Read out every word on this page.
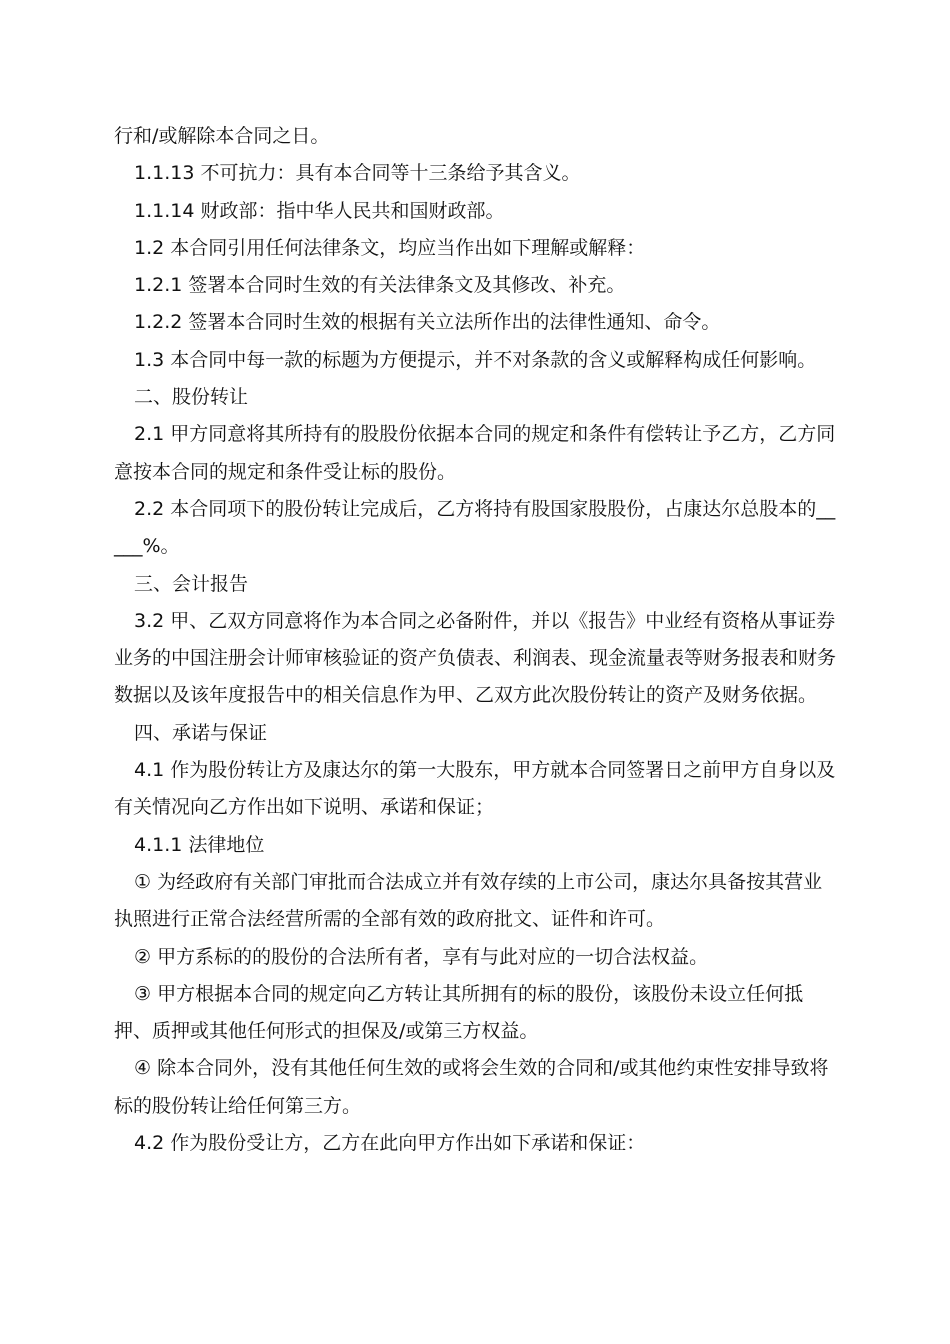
行和/或解除本合同之日。

1.1.13 不可抗力：具有本合同等十三条给予其含义。

1.1.14 财政部：指中华人民共和国财政部。

1.2 本合同引用任何法律条文，均应当作出如下理解或解释：

1.2.1 签署本合同时生效的有关法律条文及其修改、补充。

1.2.2 签署本合同时生效的根据有关立法所作出的法律性通知、命令。

1.3 本合同中每一款的标题为方便提示，并不对条款的含义或解释构成任何影响。

二、股份转让

2.1 甲方同意将其所持有的股股份依据本合同的规定和条件有偿转让予乙方，乙方同意按本合同的规定和条件受让标的股份。

2.2 本合同项下的股份转让完成后，乙方将持有股国家股股份，占康达尔总股本的_____%。

三、会计报告

3.2 甲、乙双方同意将作为本合同之必备附件，并以《报告》中业经有资格从事证券业务的中国注册会计师审核验证的资产负债表、利润表、现金流量表等财务报表和财务数据以及该年度报告中的相关信息作为甲、乙双方此次股份转让的资产及财务依据。

四、承诺与保证

4.1 作为股份转让方及康达尔的第一大股东，甲方就本合同签署日之前甲方自身以及有关情况向乙方作出如下说明、承诺和保证；

4.1.1 法律地位

① 为经政府有关部门审批而合法成立并有效存续的上市公司，康达尔具备按其营业执照进行正常合法经营所需的全部有效的政府批文、证件和许可。

② 甲方系标的的股份的合法所有者，享有与此对应的一切合法权益。

③ 甲方根据本合同的规定向乙方转让其所拥有的标的股份，该股份未设立任何抵押、质押或其他任何形式的担保及/或第三方权益。

④ 除本合同外，没有其他任何生效的或将会生效的合同和/或其他约束性安排导致将标的股份转让给任何第三方。

4.2 作为股份受让方，乙方在此向甲方作出如下承诺和保证：
